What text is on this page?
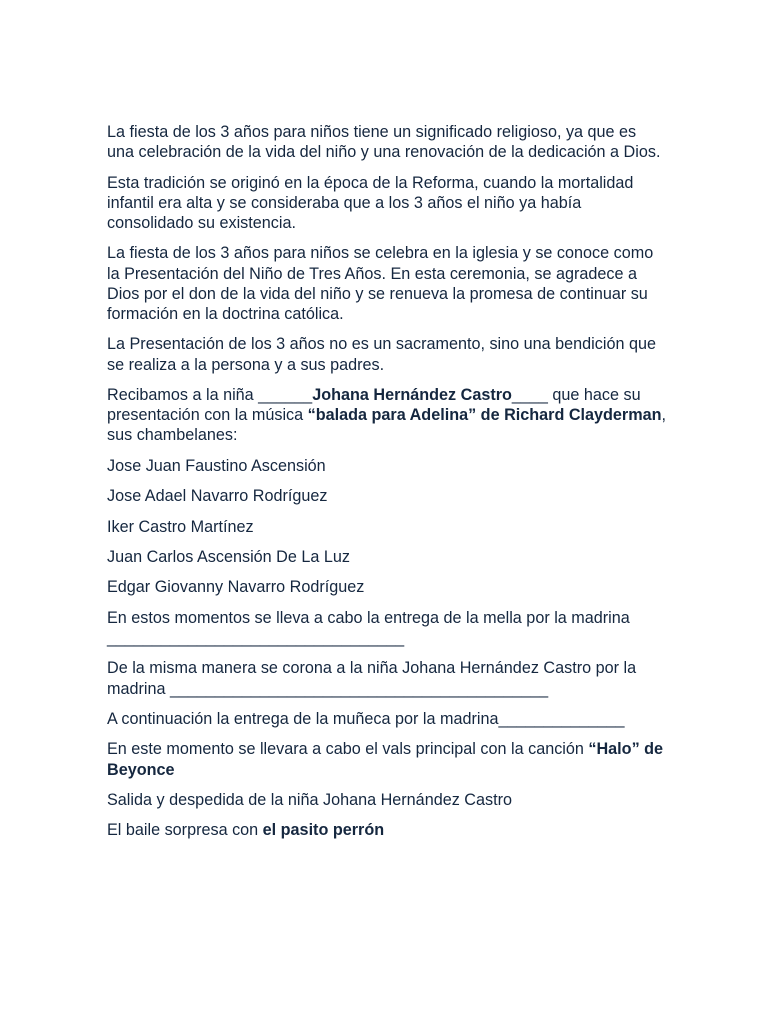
La fiesta de los 3 años para niños tiene un significado religioso, ya que es una celebración de la vida del niño y una renovación de la dedicación a Dios.

Esta tradición se originó en la época de la Reforma, cuando la mortalidad infantil era alta y se consideraba que a los 3 años el niño ya había consolidado su existencia.

La fiesta de los 3 años para niños se celebra en la iglesia y se conoce como la Presentación del Niño de Tres Años. En esta ceremonia, se agradece a Dios por el don de la vida del niño y se renueva la promesa de continuar su formación en la doctrina católica.

La Presentación de los 3 años no es un sacramento, sino una bendición que se realiza a la persona y a sus padres.

Recibamos a la niña ______Johana Hernández Castro____ que hace su presentación con la música “balada para Adelina” de Richard Clayderman, sus chambelanes:

Jose Juan Faustino Ascensión

Jose Adael Navarro Rodríguez

Iker Castro Martínez

Juan Carlos Ascensión De La Luz

Edgar Giovanny Navarro Rodríguez

En estos momentos se lleva a cabo la entrega de la mella por la madrina
_________________________________

De la misma manera se corona a la niña Johana Hernández Castro por la madrina __________________________________________

A continuación la entrega de la muñeca por la madrina______________

En este momento se llevara a cabo el vals principal con la canción “Halo” de Beyonce

Salida y despedida de la niña Johana Hernández Castro

El baile sorpresa con el pasito perrón
